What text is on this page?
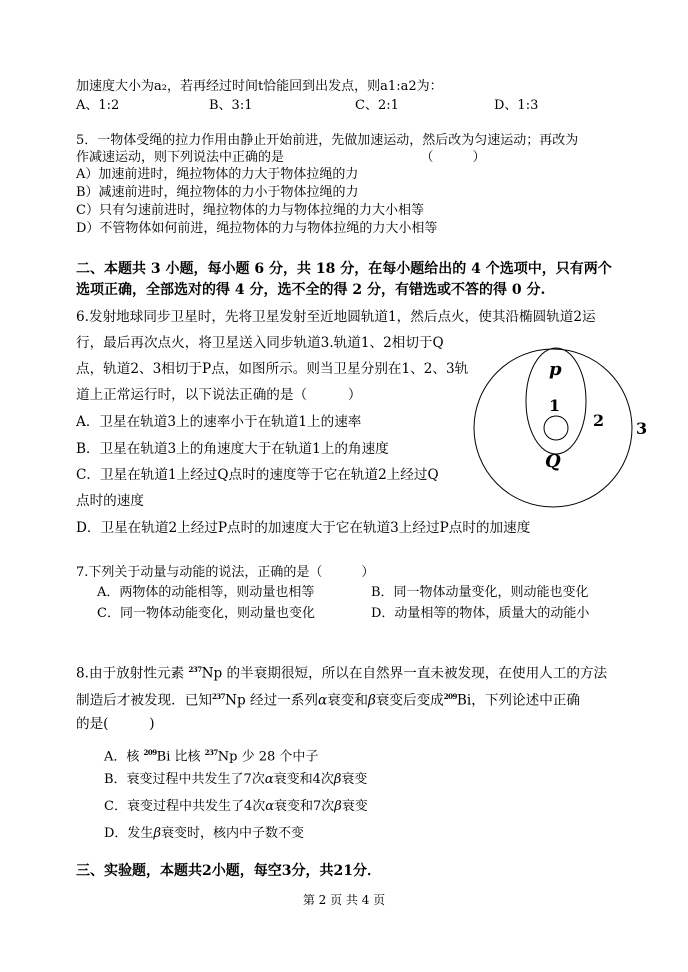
加速度大小为a₂，若再经过时间t恰能回到出发点，则a1:a2为：
A、1:2	B、3:1	C、2:1	D、1:3
5．一物体受绳的拉力作用由静止开始前进，先做加速运动，然后改为匀速运动；再改为
作减速运动，则下列说法中正确的是　　　　　　　　　　　（　　　）
A）加速前进时，绳拉物体的力大于物体拉绳的力
B）减速前进时，绳拉物体的力小于物体拉绳的力
C）只有匀速前进时，绳拉物体的力与物体拉绳的力大小相等
D）不管物体如何前进，绳拉物体的力与物体拉绳的力大小相等
二、本题共 3 小题，每小题 6 分，共 18 分，在每小题给出的 4 个选项中，只有两个
选项正确，全部选对的得 4 分，选不全的得 2 分，有错选或不答的得 0 分.
6.发射地球同步卫星时，先将卫星发射至近地圆轨道1，然后点火，使其沿椭圆轨道2运
行，最后再次点火，将卫星送入同步轨道3.轨道1、2相切于Q
点，轨道2、3相切于P点，如图所示。则当卫星分别在1、2、3轨
道上正常运行时，以下说法正确的是（　　　）
A．卫星在轨道3上的速率小于在轨道1上的速率
B．卫星在轨道3上的角速度大于在轨道1上的角速度
C．卫星在轨道1上经过Q点时的速度等于它在轨道2上经过Q
点时的速度
D．卫星在轨道2上经过P点时的加速度大于它在轨道3上经过P点时的加速度
p
1
2 3
Q
7.下列关于动量与动能的说法，正确的是（　　　）
A．两物体的动能相等，则动量也相等	B．同一物体动量变化，则动能也变化
C．同一物体动能变化，则动量也变化	D．动量相等的物体，质量大的动能小
8.由于放射性元素 $^{237}$Np 的半衰期很短，所以在自然界一直未被发现，在使用人工的方法
制造后才被发现．已知$^{237}$Np 经过一系列α衰变和β衰变后变成$^{209}$Bi，下列论述中正确
的是(　　　)
A．核 $^{209}$Bi 比核 $^{237}$Np 少 28 个中子
B．衰变过程中共发生了7次α衰变和4次β衰变
C．衰变过程中共发生了4次α衰变和7次β衰变
D．发生β衰变时，核内中子数不变
三、实验题，本题共2小题，每空3分，共21分．
第 2 页 共 4 页
